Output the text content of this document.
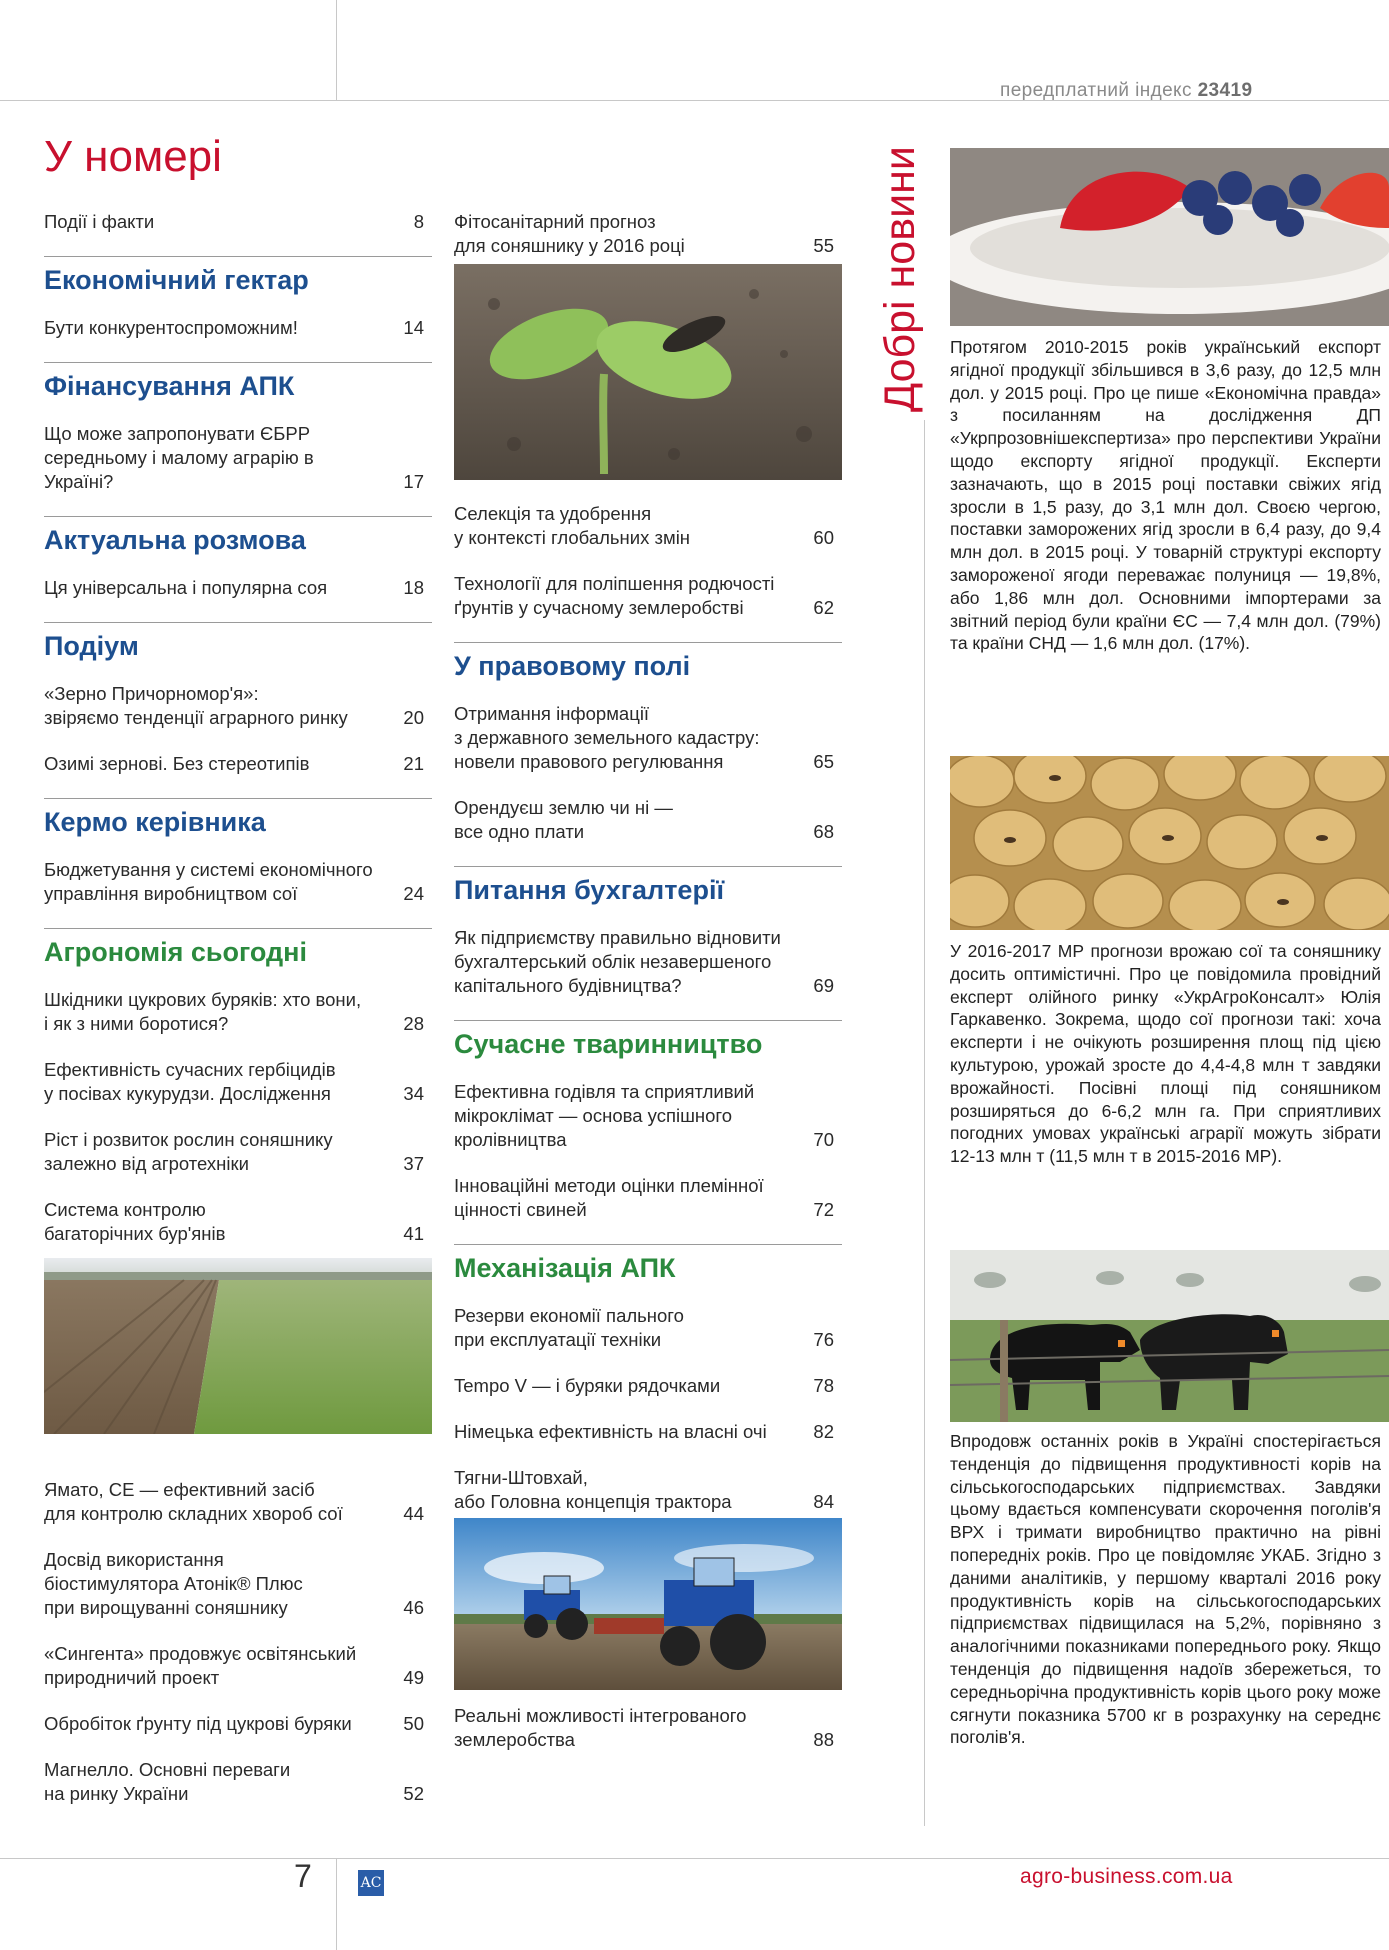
передплатний індекс 23419
У номері
Події і факти	8
Економічний гектар
Бути конкурентоспроможним!	14
Фінансування АПК
Що може запропонувати ЄБРР
середньому і малому аграрію в Україні?	17
Актуальна розмова
Ця універсальна і популярна соя	18
Подіум
«Зерно Причорномор'я»:
звіряємо тенденції аграрного ринку	20
Озимі зернові. Без стереотипів	21
Кермо керівника
Бюджетування у системі економічного
управління виробництвом сої	24
Агрономія сьогодні
Шкідники цукрових буряків: хто вони,
і як з ними боротися?	28
Ефективність сучасних гербіцидів
у посівах кукурудзи. Дослідження	34
Ріст і розвиток рослин соняшнику
залежно від агротехніки	37
Система контролю
багаторічних бур'янів	41
Ямато, СЕ — ефективний засіб
для контролю складних хвороб сої	44
Досвід використання
біостимулятора Атонік® Плюс
при вирощуванні соняшнику	46
«Сингента» продовжує освітянський
природничий проект	49
Обробіток ґрунту під цукрові буряки	50
Магнелло. Основні переваги
на ринку України	52
Фітосанітарний прогноз
для соняшнику у 2016 році	55
Селекція та удобрення
у контексті глобальних змін	60
Технології для поліпшення родючості
ґрунтів у сучасному землеробстві	62
У правовому полі
Отримання інформації
з державного земельного кадастру:
новели правового регулювання	65
Орендуєш землю чи ні —
все одно плати	68
Питання бухгалтерії
Як підприємству правильно відновити
бухгалтерський облік незавершеного
капітального будівництва?	69
Сучасне тваринництво
Ефективна годівля та сприятливий
мікроклімат — основа успішного
кролівництва	70
Інноваційні методи оцінки племінної
цінності свиней	72
Механізація АПК
Резерви економії пального
при експлуатації техніки	76
Tempo V — і буряки рядочками	78
Німецька ефективність на власні очі	82
Тягни-Штовхай,
або Головна концепція трактора	84
Реальні можливості інтегрованого
землеробства	88
Добрі новини	Протягом 2010-2015 років український експорт ягідної продукції збільшився в 3,6 разу, до 12,5 млн дол. у 2015 році. Про це пише «Економічна правда» з посиланням на дослідження ДП «Укрпрозовнішекспертиза» про перспективи України щодо експорту ягідної продукції. Експерти зазначають, що в 2015 році поставки свіжих ягід зросли в 1,5 разу, до 3,1 млн дол. Своєю чергою, поставки заморожених ягід зросли в 6,4 разу, до 9,4 млн дол. в 2015 році. У товарній структурі експорту замороженої ягоди переважає полуниця — 19,8%, або 1,86 млн дол. Основними імпортерами за звітний період були країни ЄС — 7,4 млн дол. (79%) та країни СНД — 1,6 млн дол. (17%).

У 2016-2017 МР прогнози врожаю сої та соняшнику досить оптимістичні. Про це повідомила провідний експерт олійного ринку «УкрАгроКонсалт» Юлія Гаркавенко. Зокрема, щодо сої прогнози такі: хоча експерти і не очікують розширення площ під цією культурою, урожай зросте до 4,4-4,8 млн т завдяки врожайності. Посівні площі під соняшником розширяться до 6-6,2 млн га. При сприятливих погодних умовах українські аграрії можуть зібрати 12-13 млн т (11,5 млн т в 2015-2016 МР).

Впродовж останніх років в Україні спостерігається тенденція до підвищення продуктивності корів на сільськогосподарських підприємствах. Завдяки цьому вдається компенсувати скорочення поголів'я ВРХ і тримати виробництво практично на рівні попередніх років. Про це повідомляє УКАБ. Згідно з даними аналітиків, у першому кварталі 2016 року продуктивність корів на сільськогосподарських підприємствах підвищилася на 5,2%, порівняно з аналогічними показниками попереднього року. Якщо тенденція до підвищення надоїв збережеться, то середньорічна продуктивність корів цього року може сягнути показника 5700 кг в розрахунку на середнє поголів'я.

7	AC	agro-business.com.ua
